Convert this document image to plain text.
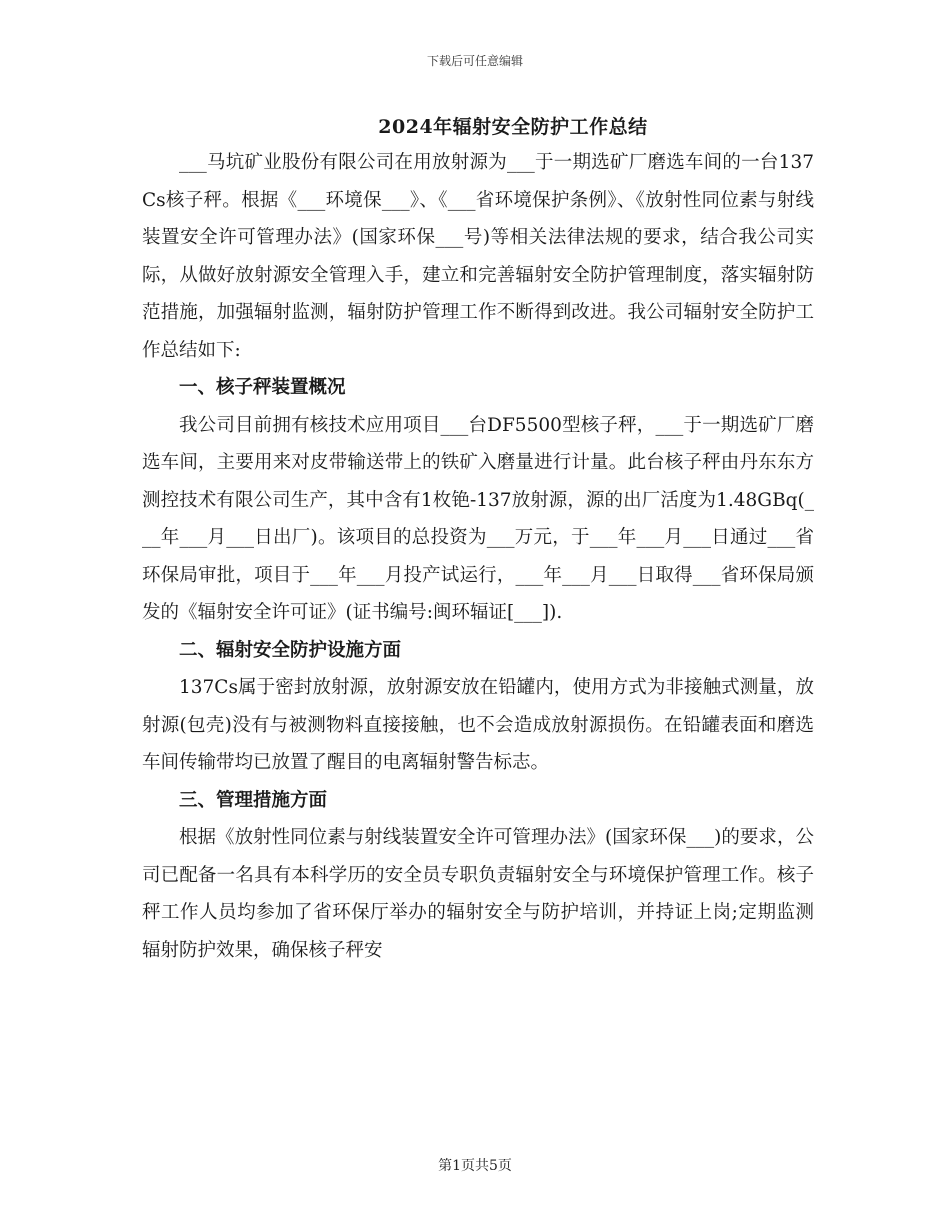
下载后可任意编辑
2024年辐射安全防护工作总结

___马坑矿业股份有限公司在用放射源为___于一期选矿厂磨选车间的一台137Cs核子秤。根据《___环境保___》、《___省环境保护条例》、《放射性同位素与射线装置安全许可管理办法》(国家环保___号)等相关法律法规的要求，结合我公司实际，从做好放射源安全管理入手，建立和完善辐射安全防护管理制度，落实辐射防范措施，加强辐射监测，辐射防护管理工作不断得到改进。我公司辐射安全防护工作总结如下:

一、核子秤装置概况

我公司目前拥有核技术应用项目___台DF5500型核子秤，___于一期选矿厂磨选车间，主要用来对皮带输送带上的铁矿入磨量进行计量。此台核子秤由丹东东方测控技术有限公司生产，其中含有1枚铯-137放射源，源的出厂活度为1.48GBq(___年___月___日出厂)。该项目的总投资为___万元，于___年___月___日通过___省环保局审批，项目于___年___月投产试运行，___年___月___日取得___省环保局颁发的《辐射安全许可证》(证书编号:闽环辐证[___]).

二、辐射安全防护设施方面

137Cs属于密封放射源，放射源安放在铅罐内，使用方式为非接触式测量，放射源(包壳)没有与被测物料直接接触，也不会造成放射源损伤。在铅罐表面和磨选车间传输带均已放置了醒目的电离辐射警告标志。

三、管理措施方面

根据《放射性同位素与射线装置安全许可管理办法》(国家环保___)的要求，公司已配备一名具有本科学历的安全员专职负责辐射安全与环境保护管理工作。核子秤工作人员均参加了省环保厅举办的辐射安全与防护培训，并持证上岗;定期监测辐射防护效果，确保核子秤安

第1页共5页
